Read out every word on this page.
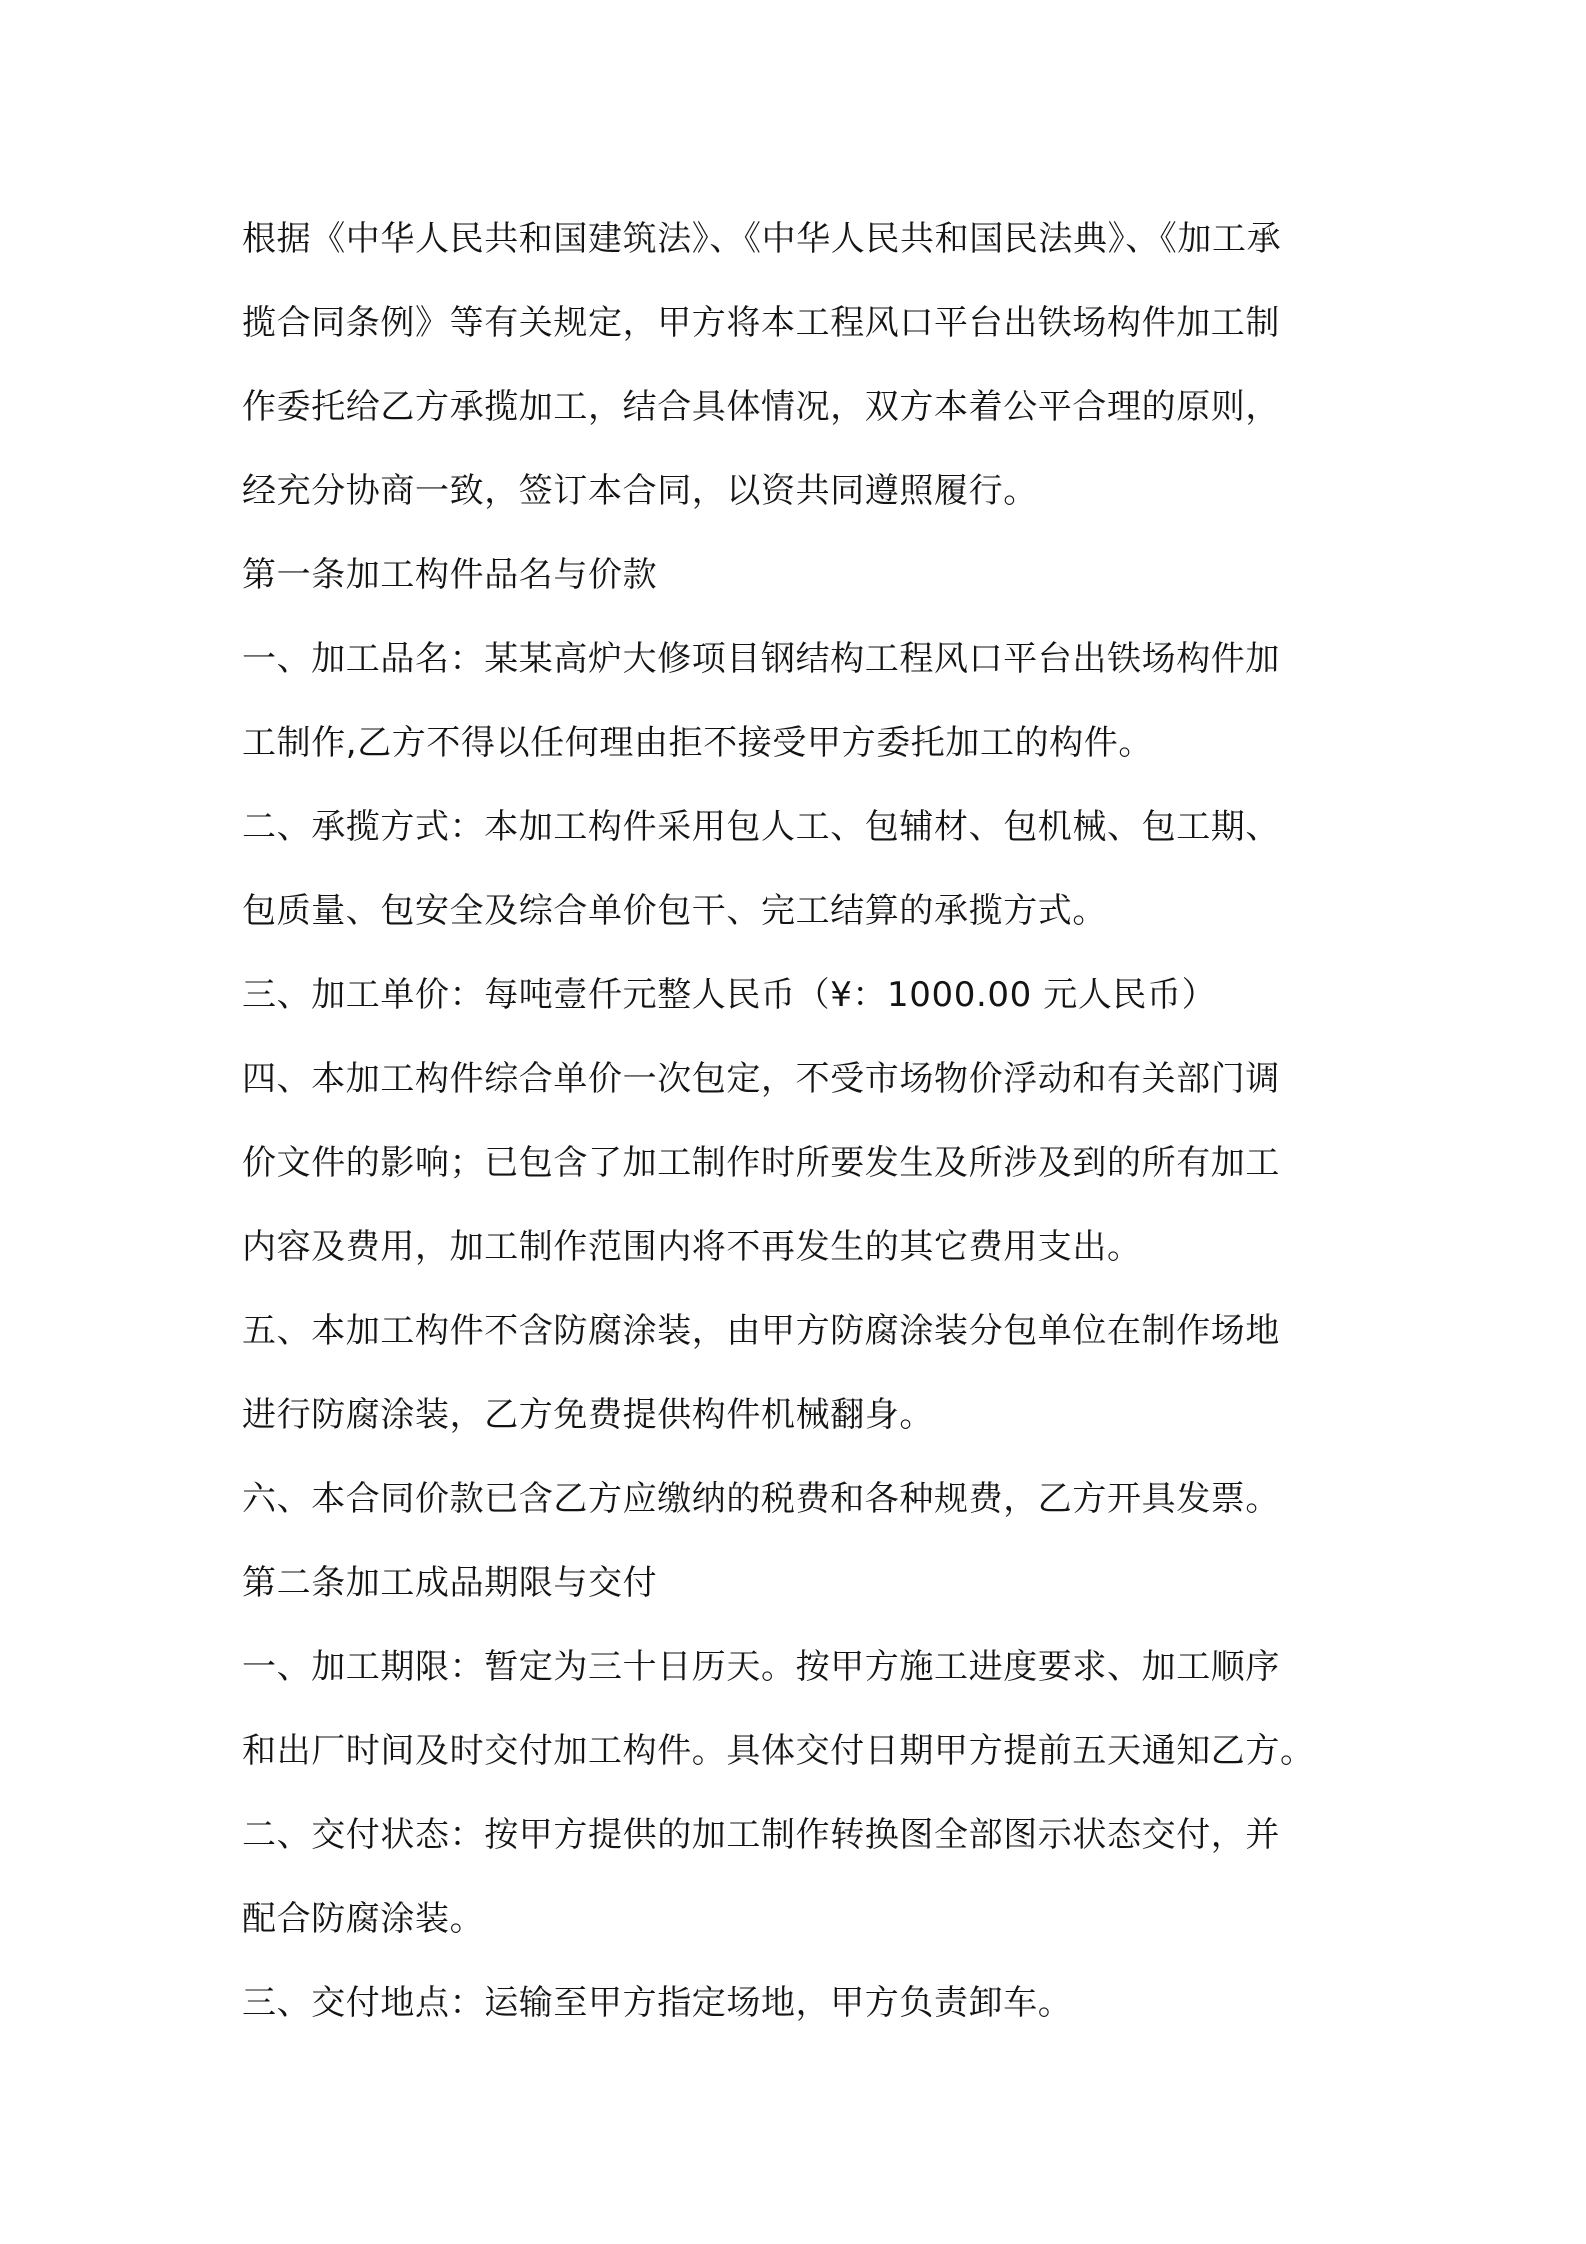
根据《中华人民共和国建筑法》、《中华人民共和国民法典》、《加工承

揽合同条例》等有关规定，甲方将本工程风口平台出铁场构件加工制

作委托给乙方承揽加工，结合具体情况，双方本着公平合理的原则，

经充分协商一致，签订本合同，以资共同遵照履行。

第一条加工构件品名与价款

一、加工品名：某某高炉大修项目钢结构工程风口平台出铁场构件加

工制作,乙方不得以任何理由拒不接受甲方委托加工的构件。

二、承揽方式：本加工构件采用包人工、包辅材、包机械、包工期、

包质量、包安全及综合单价包干、完工结算的承揽方式。

三、加工单价：每吨壹仟元整人民币（¥：1000.00 元人民币）

四、本加工构件综合单价一次包定，不受市场物价浮动和有关部门调

价文件的影响；已包含了加工制作时所要发生及所涉及到的所有加工

内容及费用，加工制作范围内将不再发生的其它费用支出。

五、本加工构件不含防腐涂装，由甲方防腐涂装分包单位在制作场地

进行防腐涂装，乙方免费提供构件机械翻身。

六、本合同价款已含乙方应缴纳的税费和各种规费，乙方开具发票。

第二条加工成品期限与交付

一、加工期限：暂定为三十日历天。按甲方施工进度要求、加工顺序

和出厂时间及时交付加工构件。具体交付日期甲方提前五天通知乙方。

二、交付状态：按甲方提供的加工制作转换图全部图示状态交付，并

配合防腐涂装。

三、交付地点：运输至甲方指定场地，甲方负责卸车。
